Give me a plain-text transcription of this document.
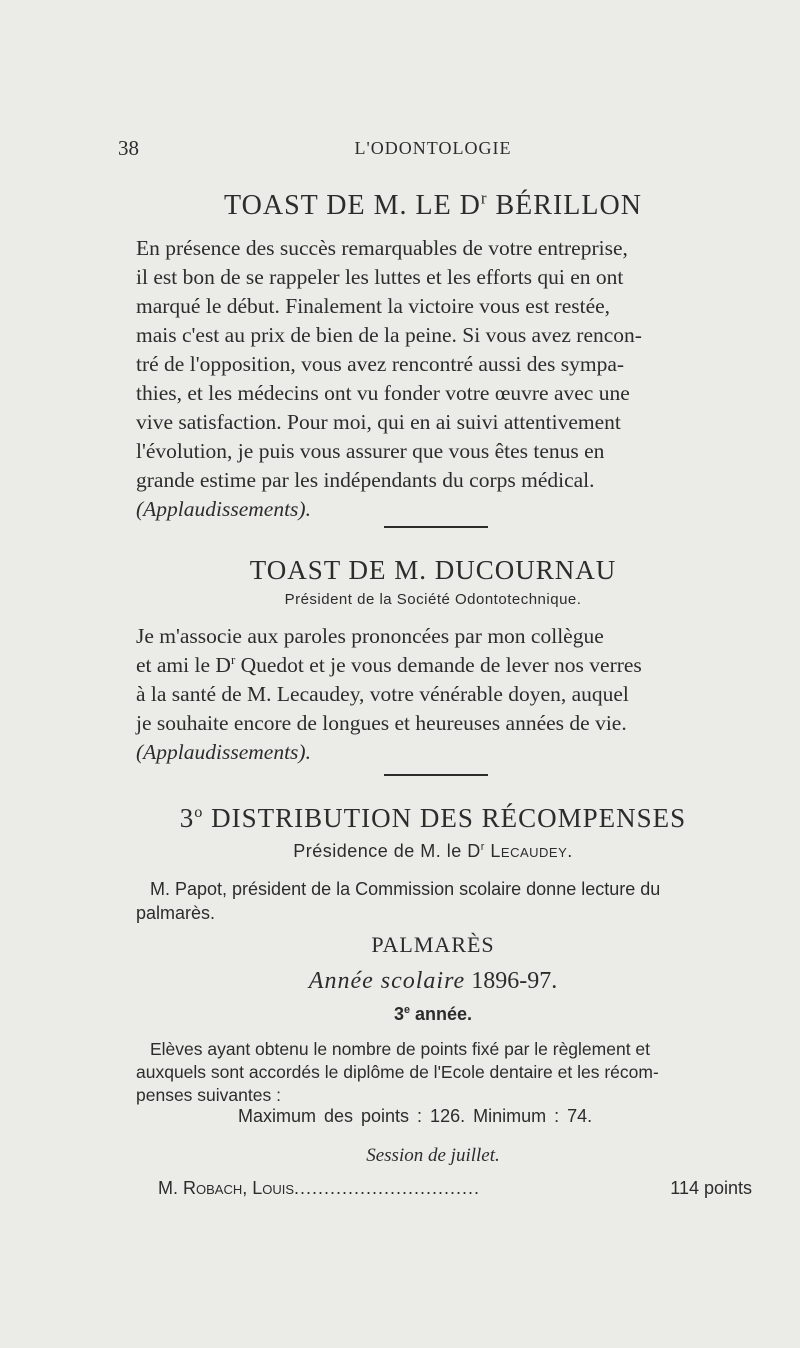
38	L'ODONTOLOGIE
TOAST DE M. LE $D^r$ BÉRILLON
En présence des succès remarquables de votre entreprise,
il est bon de se rappeler les luttes et les efforts qui en ont
marqué le début. Finalement la victoire vous est restée,
mais c'est au prix de bien de la peine. Si vous avez rencon-
tré de l'opposition, vous avez rencontré aussi des sympa-
thies, et les médecins ont vu fonder votre œuvre avec une
vive satisfaction. Pour moi, qui en ai suivi attentivement
l'évolution, je puis vous assurer que vous êtes tenus en
grande estime par les indépendants du corps médical.
(Applaudissements).
TOAST DE M. DUCOURNAU
Président de la Société Odontotechnique.
Je m'associe aux paroles prononcées par mon collègue
et ami le $D^r$ Quedot et je vous demande de lever nos verres
à la santé de M. Lecaudey, votre vénérable doyen, auquel
je souhaite encore de longues et heureuses années de vie.
(Applaudissements).
3$^o$ DISTRIBUTION DES RÉCOMPENSES
Présidence de M. le $D^r$ Lecaudey.
M. Papot, président de la Commission scolaire donne lecture du
palmarès.
PALMARÈS
Année scolaire 1896-97.
3e année.
Elèves ayant obtenu le nombre de points fixé par le règlement et
auxquels sont accordés le diplôme de l'Ecole dentaire et les récom-
penses suivantes :
Maximum des points : 126. Minimum : 74.
Session de juillet.
M. Robach, Louis ...............................	114 points
